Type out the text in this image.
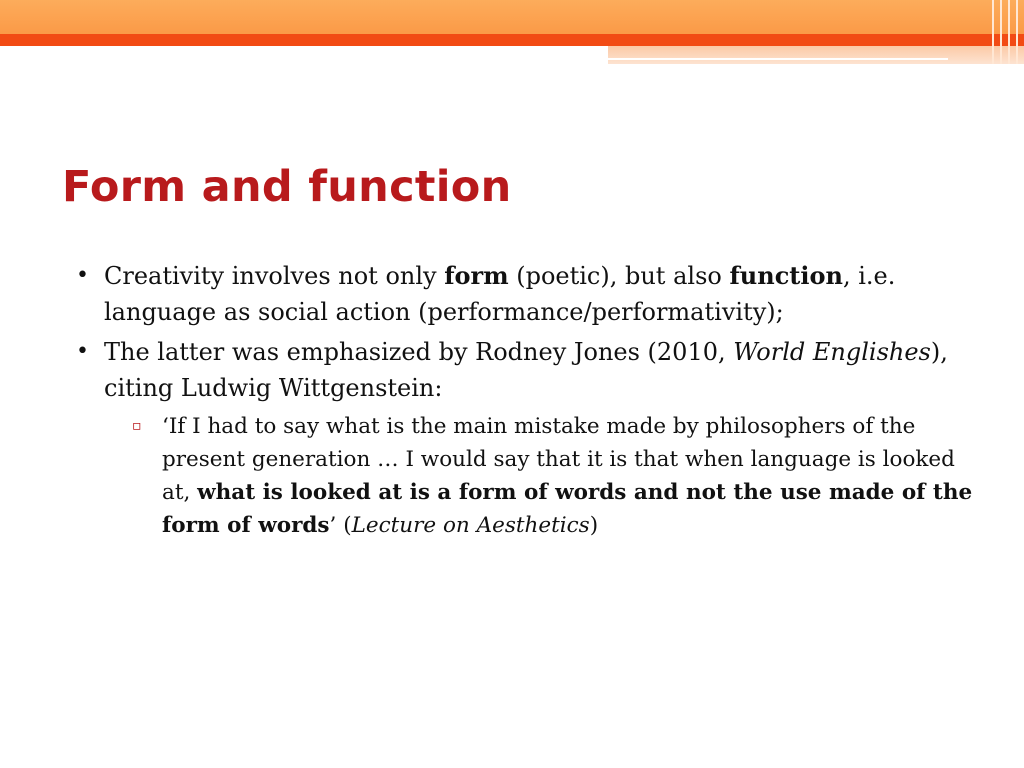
Form and function

• Creativity involves not only form (poetic), but also function, i.e. language as social action (performance/performativity);

• The latter was emphasized by Rodney Jones (2010, World Englishes), citing Ludwig Wittgenstein:

▫ ‘If I had to say what is the main mistake made by philosophers of the present generation … I would say that it is that when language is looked at, what is looked at is a form of words and not the use made of the form of words’ (Lecture on Aesthetics)
